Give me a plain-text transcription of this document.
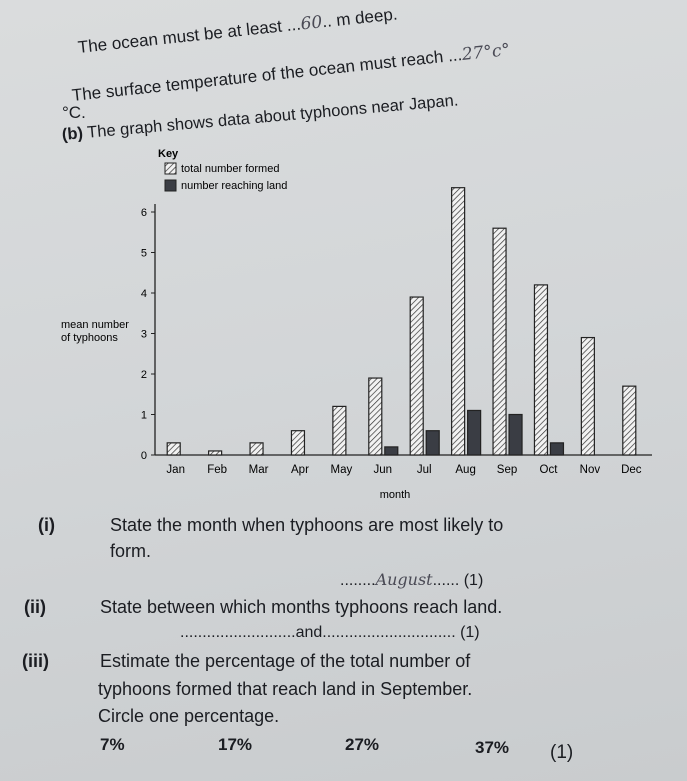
The ocean must be at least ...60.. m deep.
The surface temperature of the ocean must reach ...27°c°
°C.
(b) The graph shows data about typhoons near Japan.
Key
total number formed
number reaching land
mean number
of typhoons
0
1
2
3
4
5
6
Jan Feb Mar Apr May Jun Jul Aug Sep Oct Nov Dec
month
(i)	State the month when typhoons are most likely to
form.
........August...... (1)
(ii)	State between which months typhoons reach land.
..........................and.............................. (1)
(iii)	Estimate the percentage of the total number of
typhoons formed that reach land in September.
Circle one percentage.
7%	17%	27%	37% (1)
